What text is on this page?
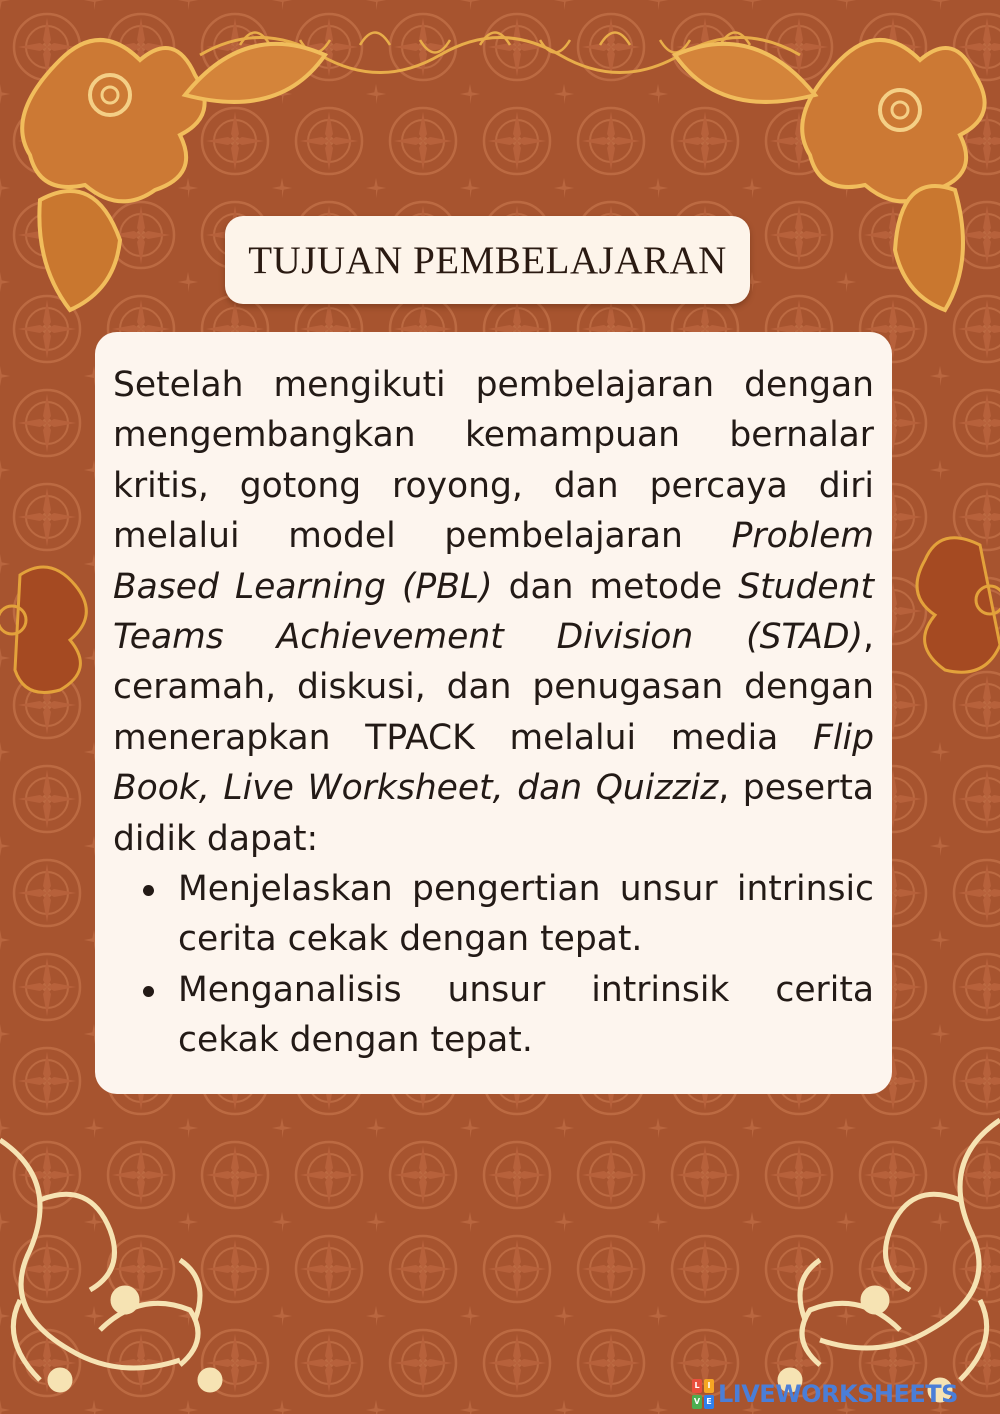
TUJUAN PEMBELAJARAN

Setelah mengikuti pembelajaran dengan mengembangkan kemampuan bernalar kritis, gotong royong, dan percaya diri melalui model pembelajaran Problem Based Learning (PBL) dan metode Student Teams Achievement Division (STAD), ceramah, diskusi, dan penugasan dengan menerapkan TPACK melalui media Flip Book, Live Worksheet, dan Quizziz, peserta didik dapat:

Menjelaskan pengertian unsur intrinsic cerita cekak dengan tepat.
Menganalisis unsur intrinsik cerita cekak dengan tepat.
L I
V E LIVEWORKSHEETS
